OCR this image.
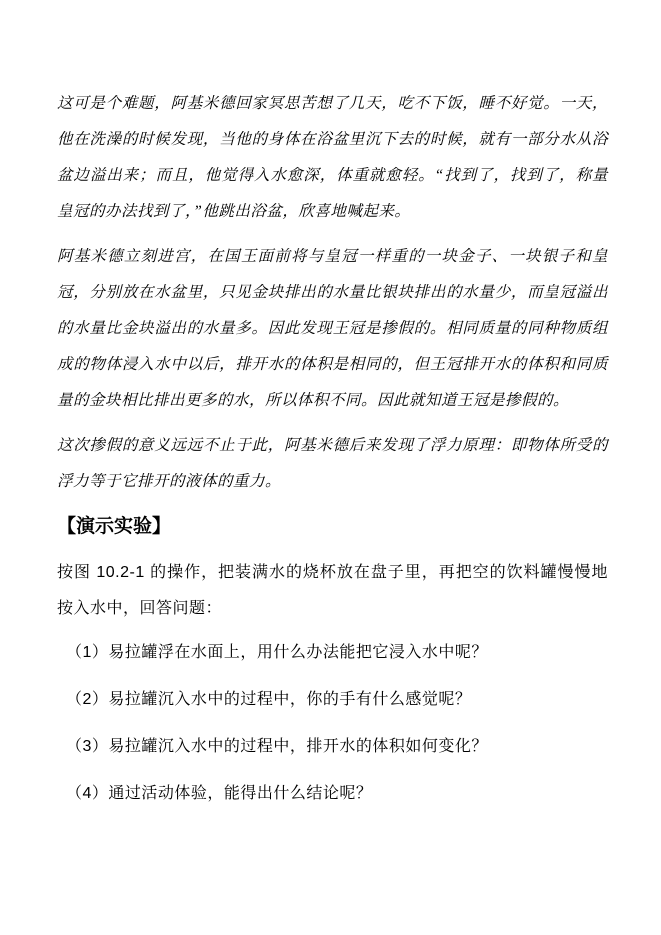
这可是个难题，阿基米德回家冥思苦想了几天，吃不下饭，睡不好觉。一天，他在洗澡的时候发现，当他的身体在浴盆里沉下去的时候，就有一部分水从浴盆边溢出来；而且，他觉得入水愈深，体重就愈轻。“找到了，找到了，称量皇冠的办法找到了，”他跳出浴盆，欣喜地喊起来。

阿基米德立刻进宫，在国王面前将与皇冠一样重的一块金子、一块银子和皇冠，分别放在水盆里，只见金块排出的水量比银块排出的水量少，而皇冠溢出的水量比金块溢出的水量多。因此发现王冠是掺假的。相同质量的同种物质组成的物体浸入水中以后，排开水的体积是相同的，但王冠排开水的体积和同质量的金块相比排出更多的水，所以体积不同。因此就知道王冠是掺假的。

这次掺假的意义远远不止于此，阿基米德后来发现了浮力原理：即物体所受的浮力等于它排开的液体的重力。

【演示实验】

按图 10.2-1 的操作，把装满水的烧杯放在盘子里，再把空的饮料罐慢慢地按入水中，回答问题：

（1）易拉罐浮在水面上，用什么办法能把它浸入水中呢？

（2）易拉罐沉入水中的过程中，你的手有什么感觉呢？

（3）易拉罐沉入水中的过程中，排开水的体积如何变化？

（4）通过活动体验，能得出什么结论呢？
